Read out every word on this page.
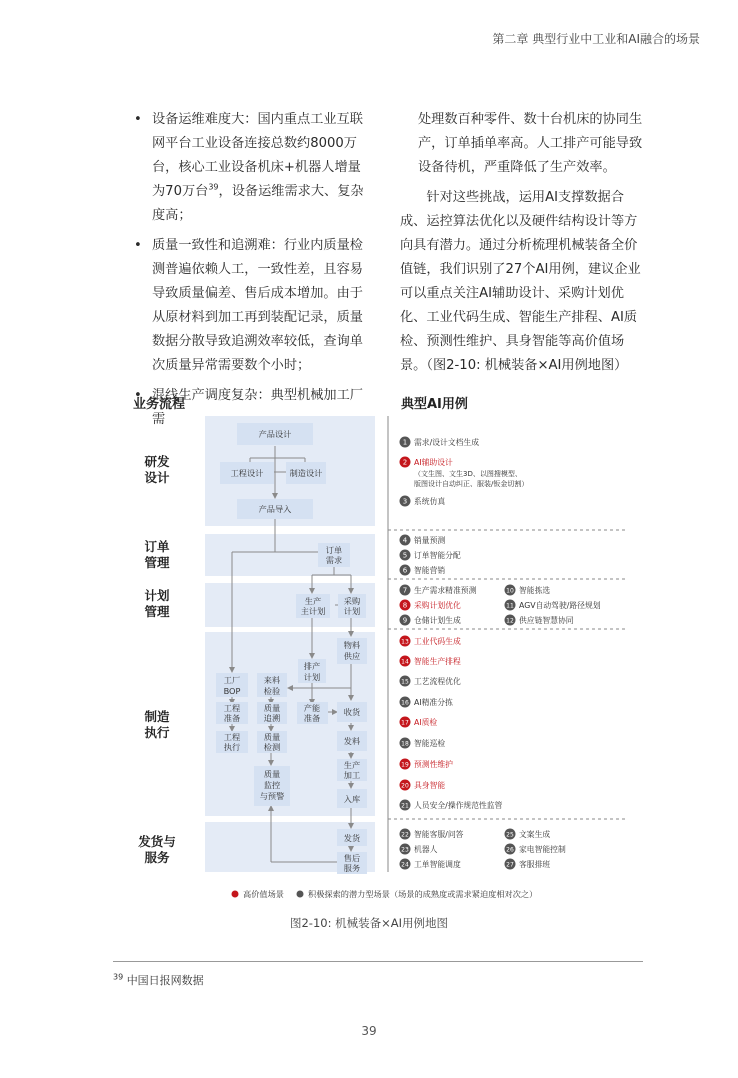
第二章 典型行业中工业和AI融合的场景
• 设备运维难度大：国内重点工业互联网平台工业设备连接总数约8000万台，核心工业设备机床+机器人增量为70万台$^{39}$，设备运维需求大、复杂度高；
• 质量一致性和追溯难：行业内质量检测普遍依赖人工，一致性差，且容易导致质量偏差、售后成本增加。由于从原材料到加工再到装配记录，质量数据分散导致追溯效率较低，查询单次质量异常需要数个小时；
• 混线生产调度复杂：典型机械加工厂需
处理数百种零件、数十台机床的协同生产，订单插单率高。人工排产可能导致设备待机，严重降低了生产效率。
针对这些挑战，运用AI支撑数据合成、运控算法优化以及硬件结构设计等方向具有潜力。通过分析梳理机械装备全价值链，我们识别了27个AI用例，建议企业可以重点关注AI辅助设计、采购计划优化、工业代码生成、智能生产排程、AI质检、预测性维护、具身智能等高价值场景。（图2-10: 机械装备×AI用例地图）
业务流程	典型AI用例
研发
设计
订单
管理
计划
管理
制造
执行
发货与
服务
产品设计
工程设计	制造设计
产品导入
订单
需求
生产
主计划
采购
计划
物料
供应
排产
计划
工厂
BOP
来料
检验
工程
准备
质量
追溯
产能
准备
收货
工程
执行
质量
检测
发料
生产
加工
质量
监控
与预警	入库
发货
售后
服务
1 需求/设计文档生成
2 AI辅助设计
（文生图、文生3D、以图搜模型、
版图设计自动纠正、服装/钣金切割）
3 系统仿真
4 销量预测
5 订单智能分配
6 智能营销
7 生产需求精准预测
8 采购计划优化
9 仓储计划生成
10 智能拣选
11 AGV自动驾驶/路径规划
12 供应链智慧协同
13 工业代码生成
14 智能生产排程
15 工艺流程优化
16 AI精准分拣
17 AI质检
18 智能巡检
19 预测性维护
20 具身智能
21 人员安全/操作规范性监管
22 智能客服/问答
23 机器人
24 工单智能调度
25 文案生成
26 家电智能控制
27 客服排班
高价值场景	积极探索的潜力型场景（场景的成熟度或需求紧迫度相对次之）
图2-10: 机械装备×AI用例地图
$^{39}$ 中国日报网数据
39
